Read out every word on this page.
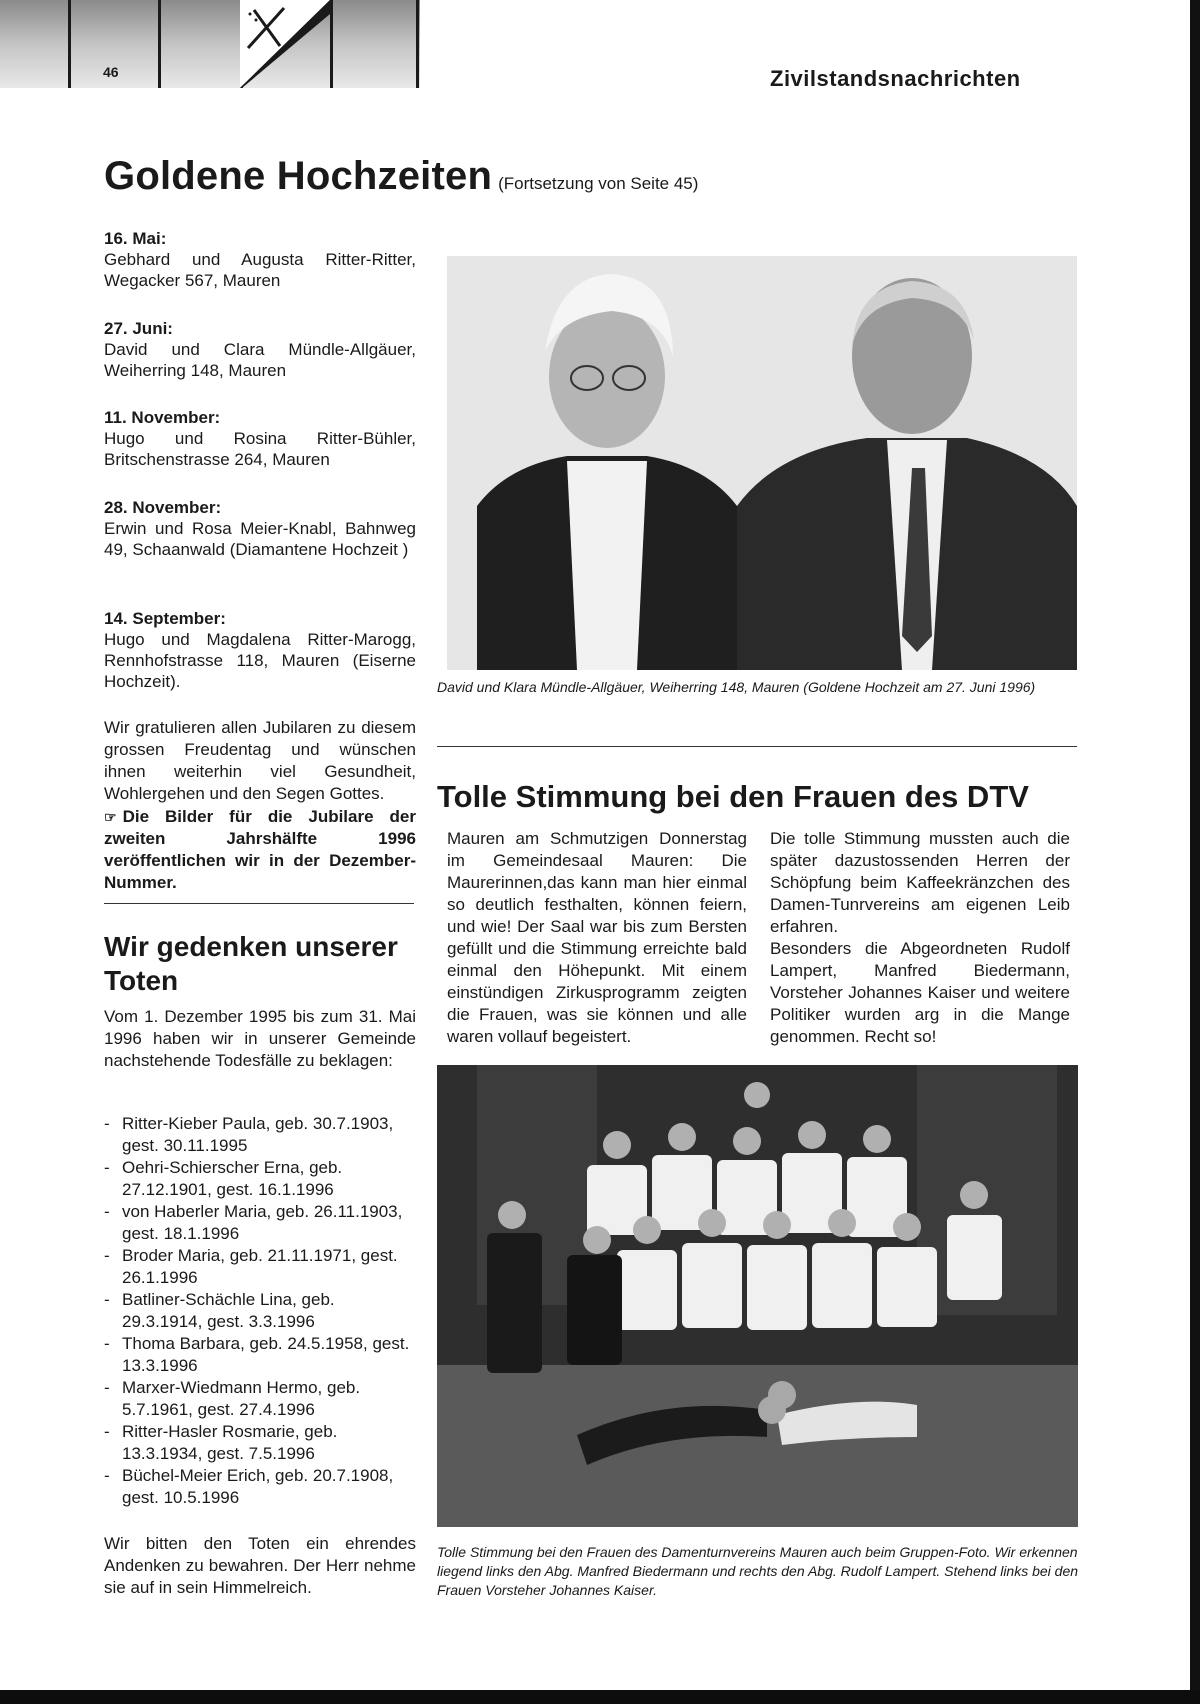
46	Zivilstandsnachrichten
Goldene Hochzeiten (Fortsetzung von Seite 45)
16. Mai:
Gebhard und Augusta Ritter-Ritter, Wegacker 567, Mauren
27. Juni:
David und Clara Mündle-Allgäuer, Weiherring 148, Mauren
11. November:
Hugo und Rosina Ritter-Bühler, Britschenstrasse 264, Mauren
28. November:
Erwin und Rosa Meier-Knabl, Bahnweg 49, Schaanwald (Diamantene Hochzeit )
14. September:
Hugo und Magdalena Ritter-Marogg, Rennhofstrasse 118, Mauren (Eiserne Hochzeit).
Wir gratulieren allen Jubilaren zu diesem grossen Freudentag und wünschen ihnen weiterhin viel Gesundheit, Wohlergehen und den Segen Gottes.
☞ Die Bilder für die Jubilare der zweiten Jahrshälfte 1996 veröffentlichen wir in der Dezember-Nummer.
Wir gedenken unserer Toten
Vom 1. Dezember 1995 bis zum 31. Mai 1996 haben wir in unserer Gemeinde nachstehende Todesfälle zu beklagen:
- Ritter-Kieber Paula, geb. 30.7.1903, gest. 30.11.1995
- Oehri-Schierscher Erna, geb. 27.12.1901, gest. 16.1.1996
- von Haberler Maria, geb. 26.11.1903, gest. 18.1.1996
- Broder Maria, geb. 21.11.1971, gest. 26.1.1996
- Batliner-Schächle Lina, geb. 29.3.1914, gest. 3.3.1996
- Thoma Barbara, geb. 24.5.1958, gest. 13.3.1996
- Marxer-Wiedmann Hermo, geb. 5.7.1961, gest. 27.4.1996
- Ritter-Hasler Rosmarie, geb. 13.3.1934, gest. 7.5.1996
- Büchel-Meier Erich, geb. 20.7.1908, gest. 10.5.1996
Wir bitten den Toten ein ehrendes Andenken zu bewahren. Der Herr nehme sie auf in sein Himmelreich.
David und Klara Mündle-Allgäuer, Weiherring 148, Mauren (Goldene Hochzeit am 27. Juni 1996)
Tolle Stimmung bei den Frauen des DTV
Mauren am Schmutzigen Donnerstag im Gemeindesaal Mauren: Die Maurerinnen,das kann man hier einmal so deutlich festhalten, können feiern, und wie! Der Saal war bis zum Bersten gefüllt und die Stimmung erreichte bald einmal den Höhepunkt. Mit einem einstündigen Zirkusprogramm zeigten die Frauen, was sie können und alle waren vollauf begeistert.
Die tolle Stimmung mussten auch die später dazustossenden Herren der Schöpfung beim Kaffeekränzchen des Damen-Tunrvereins am eigenen Leib erfahren.
Besonders die Abgeordneten Rudolf Lampert, Manfred Biedermann, Vorsteher Johannes Kaiser und weitere Politiker wurden arg in die Mange genommen. Recht so!
Tolle Stimmung bei den Frauen des Damenturnvereins Mauren auch beim Gruppen-Foto. Wir erkennen liegend links den Abg. Manfred Biedermann und rechts den Abg. Rudolf Lampert. Stehend links bei den Frauen Vorsteher Johannes Kaiser.
